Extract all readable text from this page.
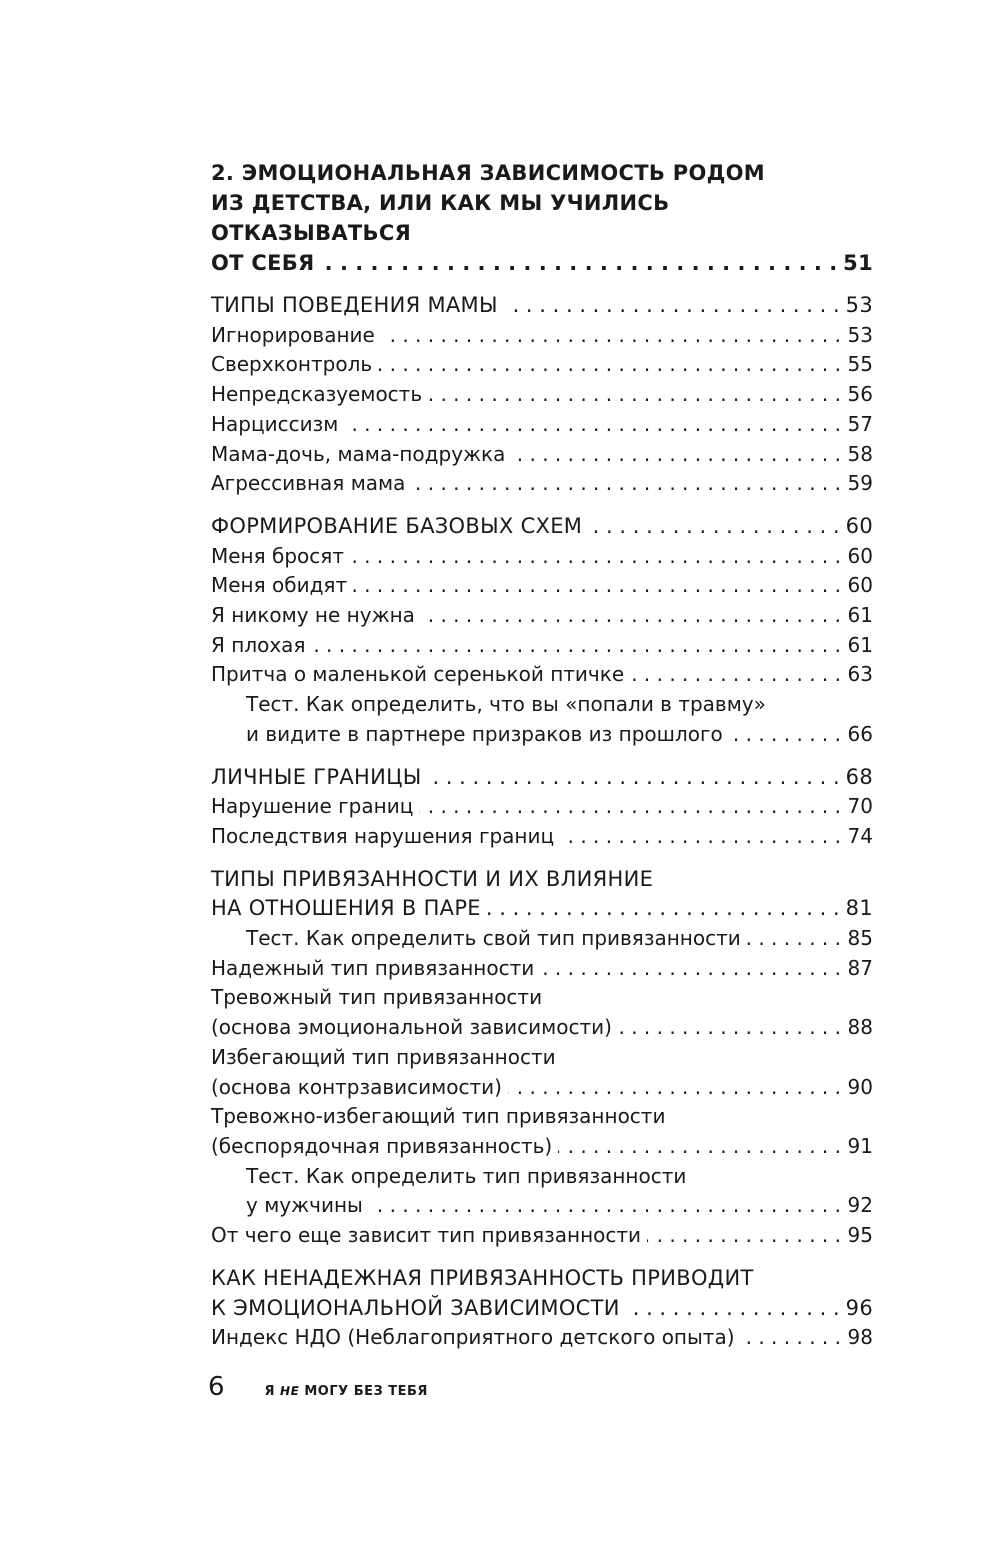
2. ЭМОЦИОНАЛЬНАЯ ЗАВИСИМОСТЬ РОДОМ
ИЗ ДЕТСТВА, ИЛИ КАК МЫ УЧИЛИСЬ ОТКАЗЫВАТЬСЯ
ОТ СЕБЯ . . .	51
ТИПЫ ПОВЕДЕНИЯ МАМЫ . . .	53
Игнорирование . . .	53
Сверхконтроль . . .	55
Непредсказуемость . . .	56
Нарциссизм . . .	57
Мама-дочь, мама-подружка . . .	58
Агрессивная мама . . .	59
ФОРМИРОВАНИЕ БАЗОВЫХ СХЕМ . . .	60
Меня бросят . . .	60
Меня обидят . . .	60
Я никому не нужна . . .	61
Я плохая . . .	61
Притча о маленькой серенькой птичке . . .	63
Тест. Как определить, что вы «попали в травму»
и видите в партнере призраков из прошлого . . .	66
ЛИЧНЫЕ ГРАНИЦЫ . . .	68
Нарушение границ . . .	70
Последствия нарушения границ . . .	74
ТИПЫ ПРИВЯЗАННОСТИ И ИХ ВЛИЯНИЕ
НА ОТНОШЕНИЯ В ПАРЕ . . .	81
Тест. Как определить свой тип привязанности . . .	85
Надежный тип привязанности . . .	87
Тревожный тип привязанности
(основа эмоциональной зависимости) . . .	88
Избегающий тип привязанности
(основа контрзависимости) . . .	90
Тревожно-избегающий тип привязанности
(беспорядочная привязанность) . . .	91
Тест. Как определить тип привязанности
у мужчины . . .	92
От чего еще зависит тип привязанности . . .	95
КАК НЕНАДЕЖНАЯ ПРИВЯЗАННОСТЬ ПРИВОДИТ
К ЭМОЦИОНАЛЬНОЙ ЗАВИСИМОСТИ . . .	96
Индекс НДО (Неблагоприятного детского опыта) . . .	98
6	Я НЕ МОГУ БЕЗ ТЕБЯ
